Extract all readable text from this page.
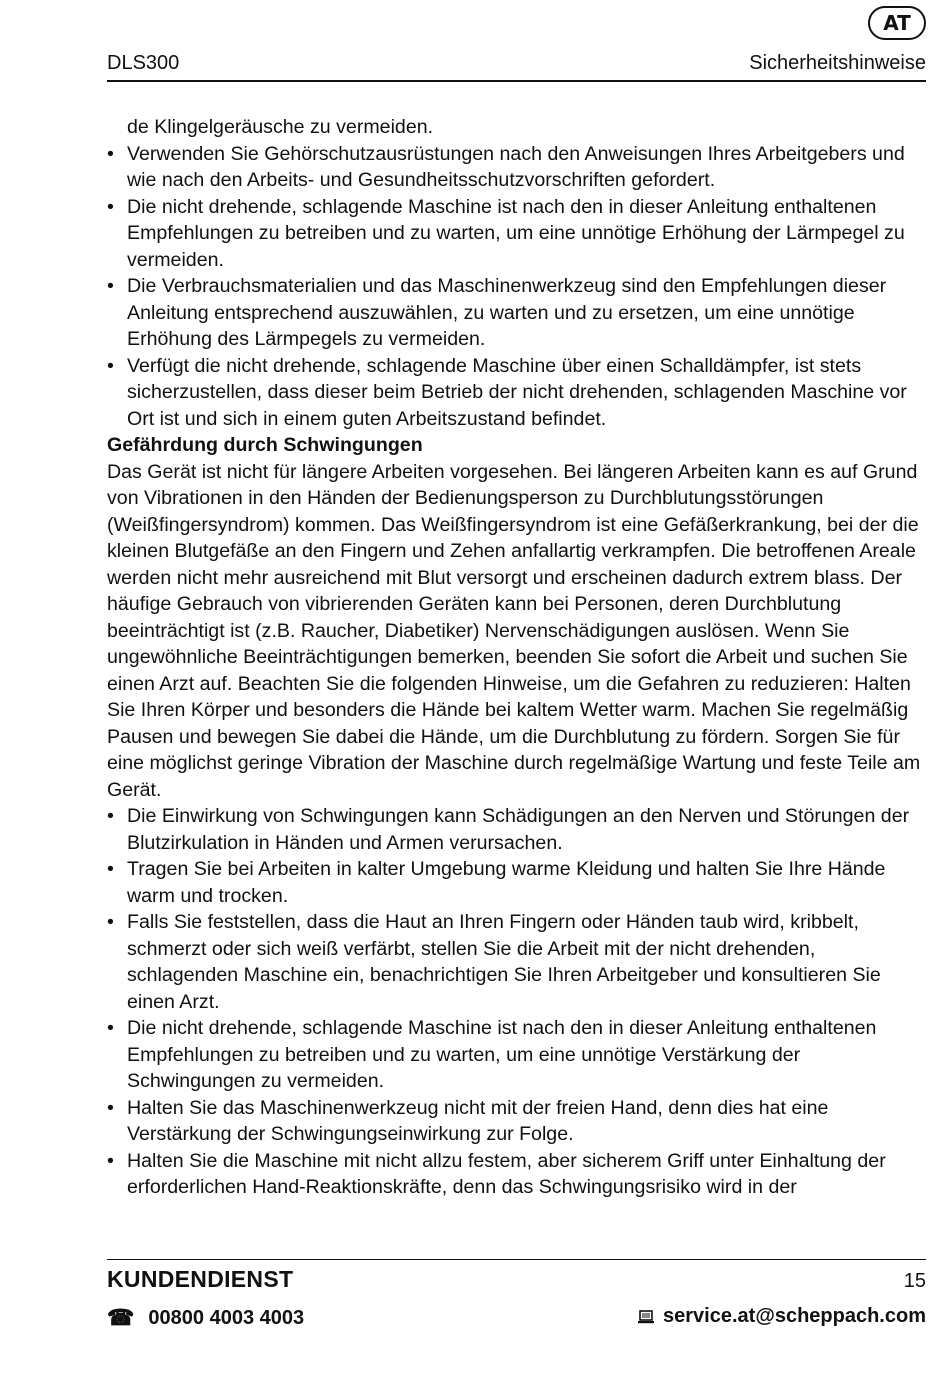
AT
DLS300	Sicherheitshinweise

de Klingelgeräusche zu vermeiden.

• Verwenden Sie Gehörschutzausrüstungen nach den Anweisungen Ihres Arbeitgebers und wie nach den Arbeits- und Gesundheitsschutzvorschriften gefordert.
• Die nicht drehende, schlagende Maschine ist nach den in dieser Anleitung enthaltenen Empfehlungen zu betreiben und zu warten, um eine unnötige Erhöhung der Lärmpegel zu vermeiden.
• Die Verbrauchsmaterialien und das Maschinenwerkzeug sind den Empfehlungen dieser Anleitung entsprechend auszuwählen, zu warten und zu ersetzen, um eine unnötige Erhöhung des Lärmpegels zu vermeiden.
• Verfügt die nicht drehende, schlagende Maschine über einen Schalldämpfer, ist stets sicherzustellen, dass dieser beim Betrieb der nicht drehenden, schlagenden Maschine vor Ort ist und sich in einem guten Arbeitszustand befindet.

Gefährdung durch Schwingungen

Das Gerät ist nicht für längere Arbeiten vorgesehen. Bei längeren Arbeiten kann es auf Grund von Vibrationen in den Händen der Bedienungsperson zu Durchblutungsstörungen (Weißfingersyndrom) kommen. Das Weißfingersyndrom ist eine Gefäßerkrankung, bei der die kleinen Blutgefäße an den Fingern und Zehen anfallartig verkrampfen. Die betroffenen Areale werden nicht mehr ausreichend mit Blut versorgt und erscheinen dadurch extrem blass. Der häufige Gebrauch von vibrierenden Geräten kann bei Personen, deren Durchblutung beeinträchtigt ist (z.B. Raucher, Diabetiker) Nervenschädigungen auslösen. Wenn Sie ungewöhnliche Beeinträchtigungen bemerken, beenden Sie sofort die Arbeit und suchen Sie einen Arzt auf. Beachten Sie die folgenden Hinweise, um die Gefahren zu reduzieren: Halten Sie Ihren Körper und besonders die Hände bei kaltem Wetter warm. Machen Sie regelmäßig Pausen und bewegen Sie dabei die Hände, um die Durchblutung zu fördern. Sorgen Sie für eine möglichst geringe Vibration der Maschine durch regelmäßige Wartung und feste Teile am Gerät.

• Die Einwirkung von Schwingungen kann Schädigungen an den Nerven und Störungen der Blutzirkulation in Händen und Armen verursachen.
• Tragen Sie bei Arbeiten in kalter Umgebung warme Kleidung und halten Sie Ihre Hände warm und trocken.
• Falls Sie feststellen, dass die Haut an Ihren Fingern oder Händen taub wird, kribbelt, schmerzt oder sich weiß verfärbt, stellen Sie die Arbeit mit der nicht drehenden, schlagenden Maschine ein, benachrichtigen Sie Ihren Arbeitgeber und konsultieren Sie einen Arzt.
• Die nicht drehende, schlagende Maschine ist nach den in dieser Anleitung enthaltenen Empfehlungen zu betreiben und zu warten, um eine unnötige Verstärkung der Schwingungen zu vermeiden.
• Halten Sie das Maschinenwerkzeug nicht mit der freien Hand, denn dies hat eine Verstärkung der Schwingungseinwirkung zur Folge.
• Halten Sie die Maschine mit nicht allzu festem, aber sicherem Griff unter Einhaltung der erforderlichen Hand-Reaktionskräfte, denn das Schwingungsrisiko wird in der
KUNDENDIENST	15
☎ 00800 4003 4003	service.at@scheppach.com
